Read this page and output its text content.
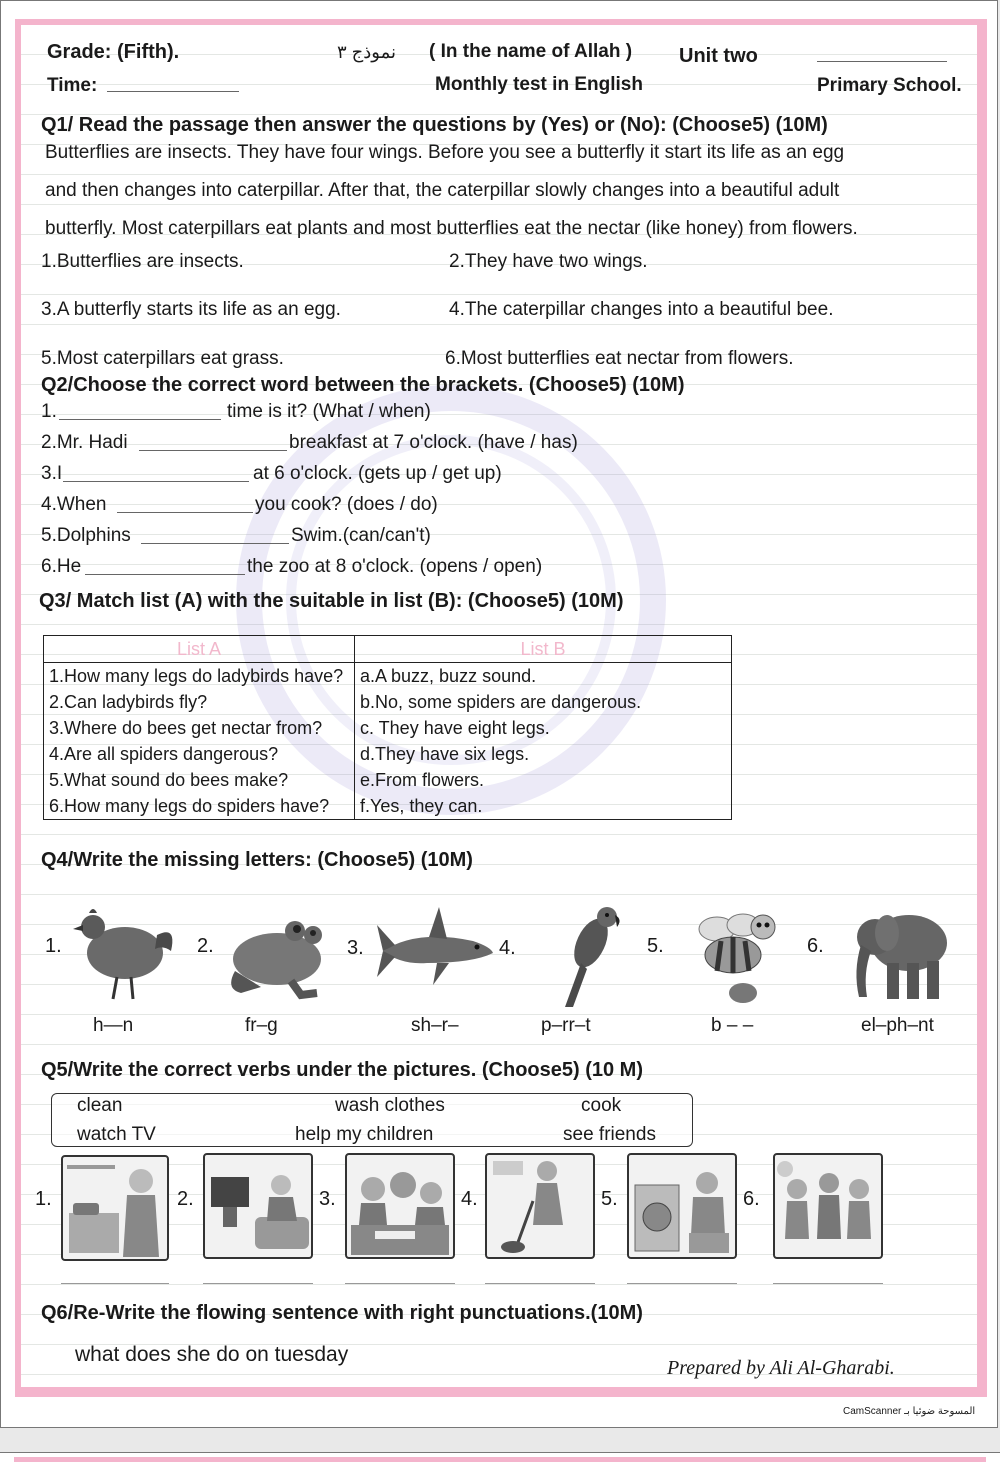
Grade: (Fifth).	نموذج ٣ ( In the name of Allah ) Unit two
Time:	Monthly test in English	Primary School.
Q1/ Read the passage then answer the questions by (Yes) or (No): (Choose5) (10M)
Butterflies are insects. They have four wings. Before you see a butterfly it start its life as an egg
and then changes into caterpillar. After that, the caterpillar slowly changes into a beautiful adult
butterfly. Most caterpillars eat plants and most butterflies eat the nectar (like honey) from flowers.
1.Butterflies are insects.	2.They have two wings.
3.A butterfly starts its life as an egg.	4.The caterpillar changes into a beautiful bee.
5.Most caterpillars eat grass.	6.Most butterflies eat nectar from flowers.
Q2/Choose the correct word between the brackets. (Choose5) (10M)
1.	time is it? (What / when)
2.Mr. Hadi	breakfast at 7 o'clock. (have / has)
3.I	at 6 o'clock. (gets up / get up)
4.When	you cook? (does / do)
5.Dolphins	Swim.(can/can't)
6.He	the zoo at 8 o'clock. (opens / open)
Q3/ Match list (A) with the suitable in list (B): (Choose5) (10M)
List A	List B
1.How many legs do ladybirds have?	a.A buzz, buzz sound.
2.Can ladybirds fly?	b.No, some spiders are dangerous.
3.Where do bees get nectar from?	c. They have eight legs.
4.Are all spiders dangerous?	d.They have six legs.
5.What sound do bees make?	e.From flowers.
6.How many legs do spiders have?	f.Yes, they can.
Q4/Write the missing letters: (Choose5) (10M)
1.
h—n
2.
fr–g
3.
sh–r–
4.
p–rr–t
5.
b – –
6.
el–ph–nt
Q5/Write the correct verbs under the pictures. (Choose5) (10 M)
clean	wash clothes	cook
watch TV	help my children	see friends
1.	2.	3.	4.	5.	6.
Q6/Re-Write the flowing sentence with right punctuations.(10M)
what does she do on tuesday
Prepared by Ali Al-Gharabi.
CamScanner المسوحة ضوئيا بـ
